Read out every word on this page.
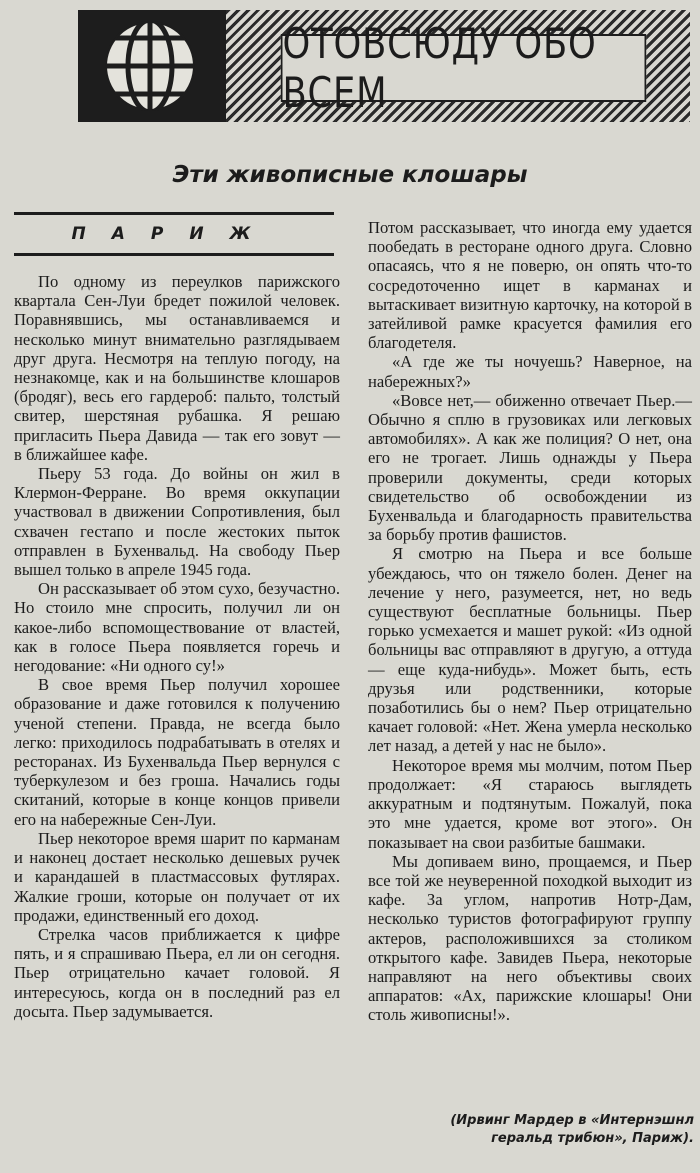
ОТОВСЮДУ ОБО ВСЕМ
Эти живописные клошары
ПАРИЖ

По одному из переулков парижского квартала Сен-Луи бредет пожилой человек. Поравнявшись, мы останавливаемся и несколько минут внимательно разглядываем друг друга. Несмотря на теплую погоду, на незнакомце, как и на большинстве клошаров (бродяг), весь его гардероб: пальто, толстый свитер, шерстяная рубашка. Я решаю пригласить Пьера Давида — так его зовут — в ближайшее кафе.

Пьеру 53 года. До войны он жил в Клермон-Ферране. Во время оккупации участвовал в движении Сопротивления, был схвачен гестапо и после жестоких пыток отправлен в Бухенвальд. На свободу Пьер вышел только в апреле 1945 года.

Он рассказывает об этом сухо, безучастно. Но стоило мне спросить, получил ли он какое-либо вспомоществование от властей, как в голосе Пьера появляется горечь и негодование: «Ни одного су!»

В свое время Пьер получил хорошее образование и даже готовился к получению ученой степени. Правда, не всегда было легко: приходилось подрабатывать в отелях и ресторанах. Из Бухенвальда Пьер вернулся с туберкулезом и без гроша. Начались годы скитаний, которые в конце концов привели его на набережные Сен-Луи.

Пьер некоторое время шарит по карманам и наконец достает несколько дешевых ручек и карандашей в пластмассовых футлярах. Жалкие гроши, которые он получает от их продажи, единственный его доход.

Стрелка часов приближается к цифре пять, и я спрашиваю Пьера, ел ли он сегодня. Пьер отрицательно качает головой. Я интересуюсь, когда он в последний раз ел досыта. Пьер задумывается.

Потом рассказывает, что иногда ему удается пообедать в ресторане одного друга. Словно опасаясь, что я не поверю, он опять что-то сосредоточенно ищет в карманах и вытаскивает визитную карточку, на которой в затейливой рамке красуется фамилия его благодетеля.

«А где же ты ночуешь? Наверное, на набережных?»

«Вовсе нет,— обиженно отвечает Пьер.— Обычно я сплю в грузовиках или легковых автомобилях». А как же полиция? О нет, она его не трогает. Лишь однажды у Пьера проверили документы, среди которых свидетельство об освобождении из Бухенвальда и благодарность правительства за борьбу против фашистов.

Я смотрю на Пьера и все больше убеждаюсь, что он тяжело болен. Денег на лечение у него, разумеется, нет, но ведь существуют бесплатные больницы. Пьер горько усмехается и машет рукой: «Из одной больницы вас отправляют в другую, а оттуда — еще куда-нибудь». Может быть, есть друзья или родственники, которые позаботились бы о нем? Пьер отрицательно качает головой: «Нет. Жена умерла несколько лет назад, а детей у нас не было».

Некоторое время мы молчим, потом Пьер продолжает: «Я стараюсь выглядеть аккуратным и подтянутым. Пожалуй, пока это мне удается, кроме вот этого». Он показывает на свои разбитые башмаки.

Мы допиваем вино, прощаемся, и Пьер все той же неуверенной походкой выходит из кафе. За углом, напротив Нотр-Дам, несколько туристов фотографируют группу актеров, расположившихся за столиком открытого кафе. Завидев Пьера, некоторые направляют на него объективы своих аппаратов: «Ах, парижские клошары! Они столь живописны!».

(Ирвинг Мардер в «Интернэшнл
геральд трибюн», Париж).
